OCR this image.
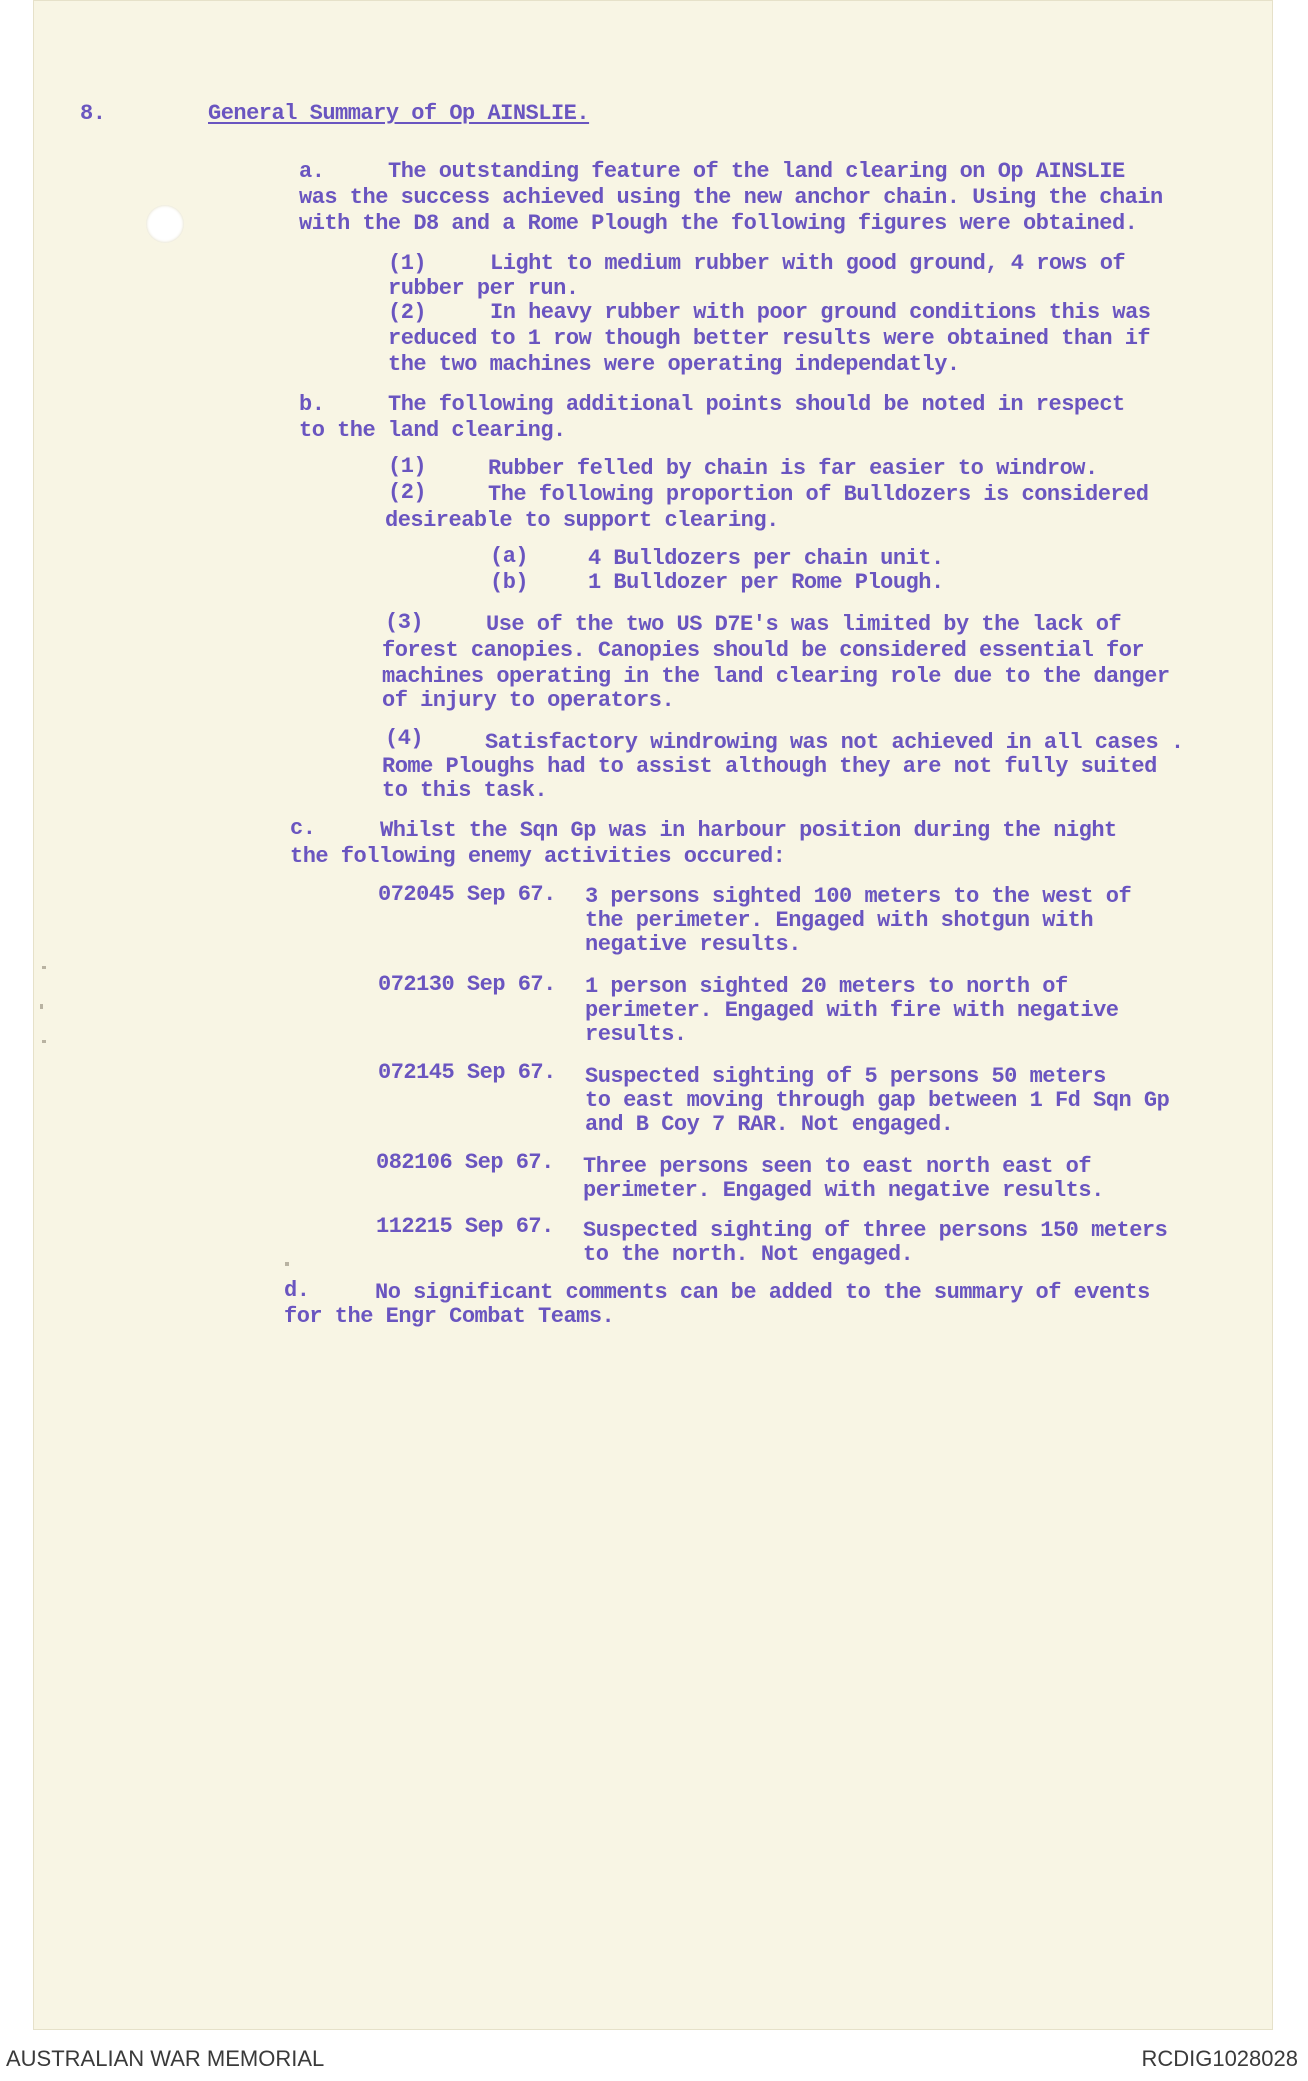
8.	General Summary of Op AINSLIE.
a.	The outstanding feature of the land clearing on Op AINSLIE
was the success achieved using the new anchor chain. Using the chain
with the D8 and a Rome Plough the following figures were obtained.
(1)	Light to medium rubber with good ground, 4 rows of
rubber per run.
(2)	In heavy rubber with poor ground conditions this was
reduced to 1 row though better results were obtained than if
the two machines were operating independatly.
b.	The following additional points should be noted in respect
to the land clearing.
(1)	Rubber felled by chain is far easier to windrow.
(2)	The following proportion of Bulldozers is considered
desireable to support clearing.
(a)	4 Bulldozers per chain unit.
(b)	1 Bulldozer per Rome Plough.
(3)	Use of the two US D7E's was limited by the lack of
forest canopies. Canopies should be considered essential for
machines operating in the land clearing role due to the danger
of injury to operators.
(4)	Satisfactory windrowing was not achieved in all cases .
Rome Ploughs had to assist although they are not fully suited
to this task.
c.	Whilst the Sqn Gp was in harbour position during the night
the following enemy activities occured:
072045 Sep 67. 3 persons sighted 100 meters to the west of
the perimeter. Engaged with shotgun with
negative results.
072130 Sep 67. 1 person sighted 20 meters to north of
perimeter. Engaged with fire with negative
results.
072145 Sep 67. Suspected sighting of 5 persons 50 meters
to east moving through gap between 1 Fd Sqn Gp
and B Coy 7 RAR. Not engaged.
082106 Sep 67. Three persons seen to east north east of
perimeter. Engaged with negative results.
112215 Sep 67. Suspected sighting of three persons 150 meters
to the north. Not engaged.
d.	No significant comments can be added to the summary of events
for the Engr Combat Teams.
AUSTRALIAN WAR MEMORIAL	RCDIG1028028
